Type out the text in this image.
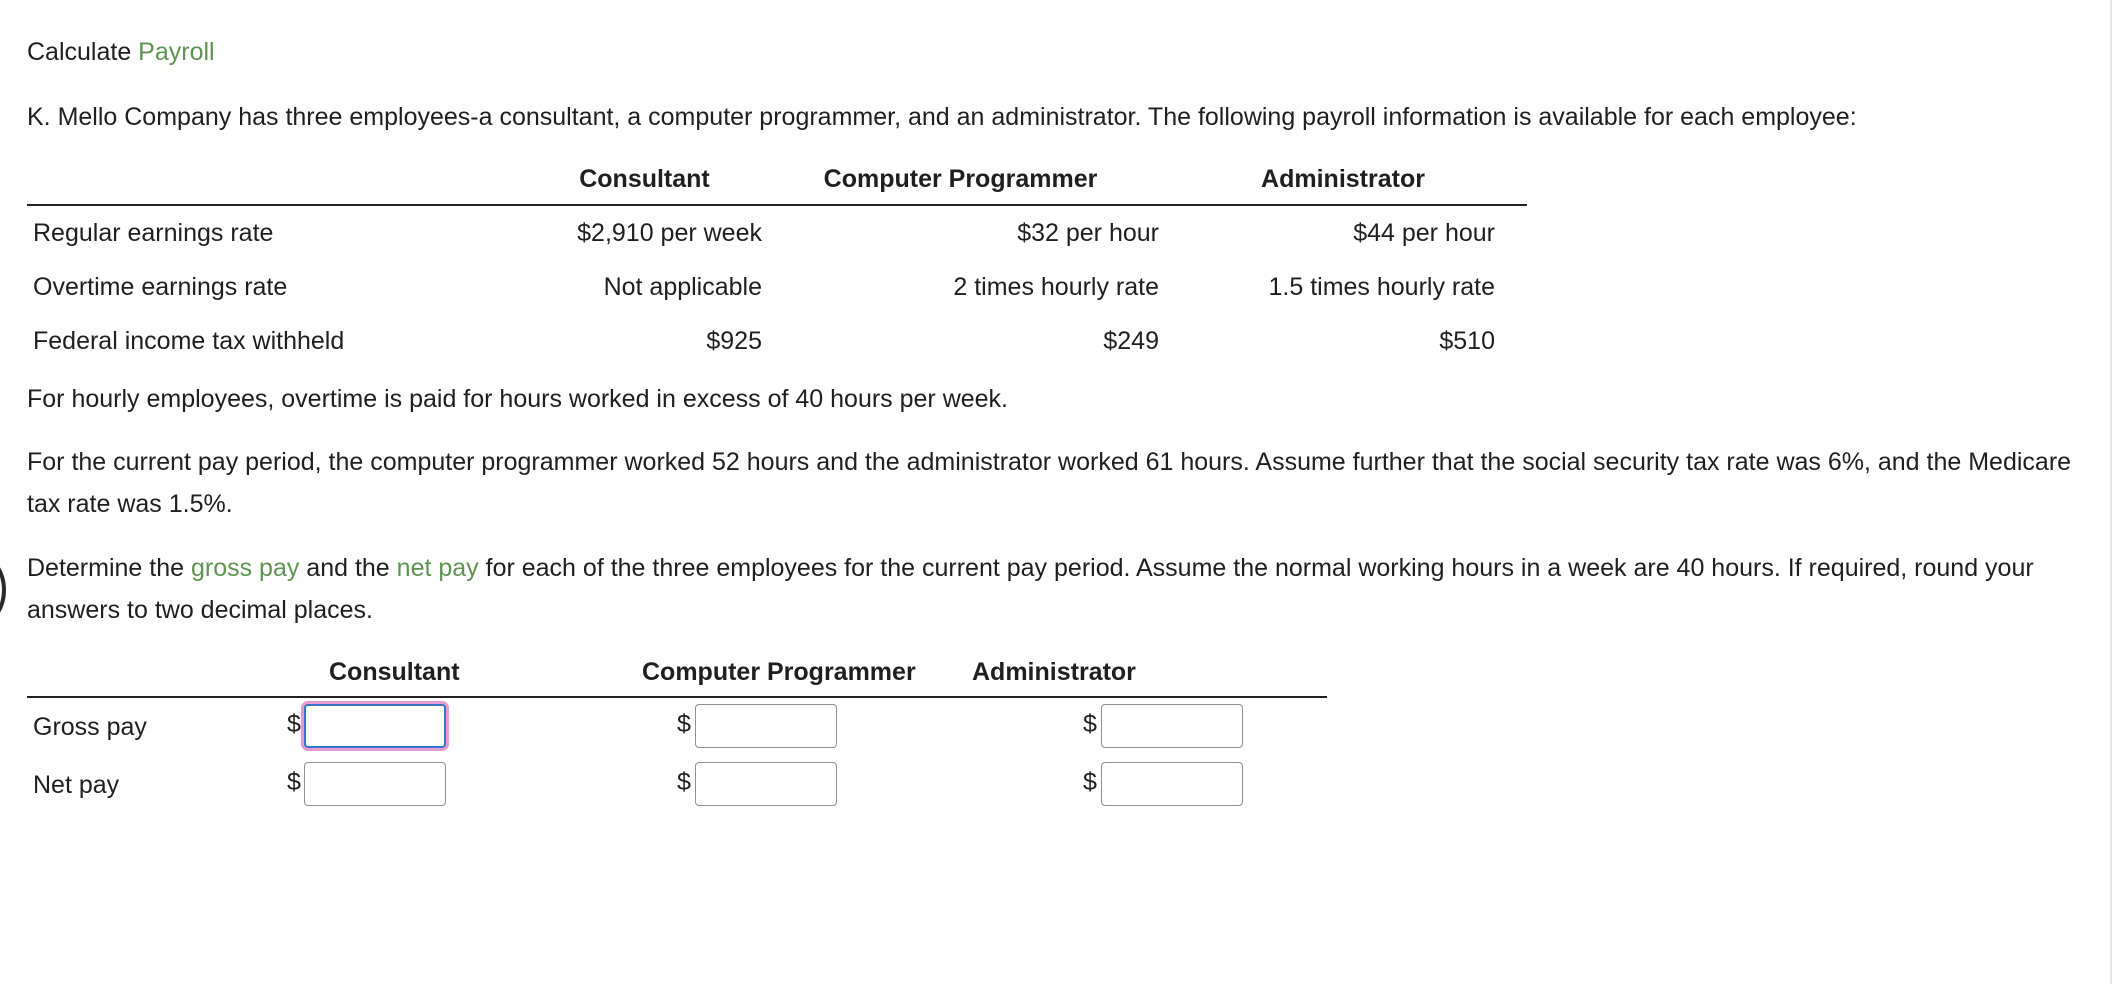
Calculate Payroll
K. Mello Company has three employees-a consultant, a computer programmer, and an administrator. The following payroll information is available for each employee:
	Consultant	Computer Programmer	Administrator
Regular earnings rate	$2,910 per week	$32 per hour	$44 per hour
Overtime earnings rate	Not applicable	2 times hourly rate	1.5 times hourly rate
Federal income tax withheld	$925	$249	$510
For hourly employees, overtime is paid for hours worked in excess of 40 hours per week.
For the current pay period, the computer programmer worked 52 hours and the administrator worked 61 hours. Assume further that the social security tax rate was 6%, and the Medicare tax rate was 1.5%.
Determine the gross pay and the net pay for each of the three employees for the current pay period. Assume the normal working hours in a week are 40 hours. If required, round your answers to two decimal places.
	Consultant	Computer Programmer	Administrator
Gross pay	$	$	$

Net pay	$	$	$
